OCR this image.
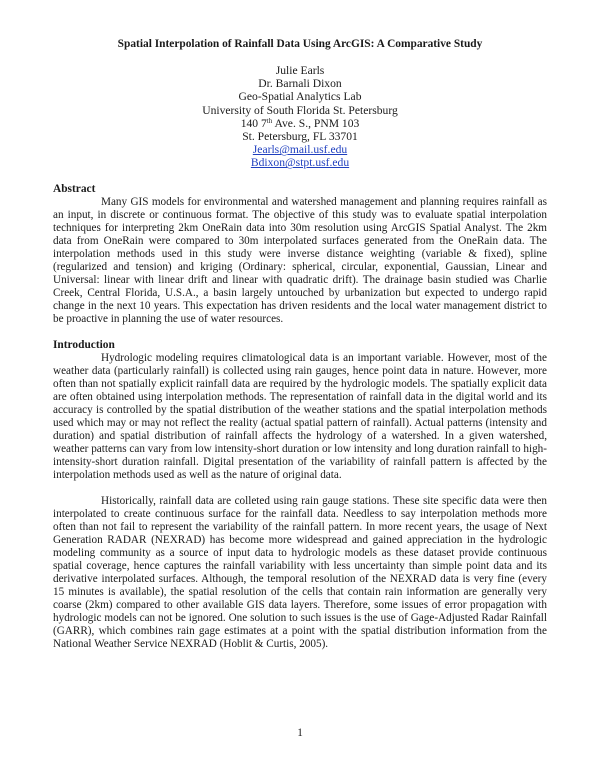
Spatial Interpolation of Rainfall Data Using ArcGIS: A Comparative Study
Julie Earls
Dr. Barnali Dixon
Geo-Spatial Analytics Lab
University of South Florida St. Petersburg
140 7th Ave. S., PNM 103
St. Petersburg, FL 33701
Jearls@mail.usf.edu
Bdixon@stpt.usf.edu
Abstract

Many GIS models for environmental and watershed management and planning requires rainfall as an input, in discrete or continuous format. The objective of this study was to evaluate spatial interpolation techniques for interpreting 2km OneRain data into 30m resolution using ArcGIS Spatial Analyst. The 2km data from OneRain were compared to 30m interpolated surfaces generated from the OneRain data. The interpolation methods used in this study were inverse distance weighting (variable & fixed), spline (regularized and tension) and kriging (Ordinary: spherical, circular, exponential, Gaussian, Linear and Universal: linear with linear drift and linear with quadratic drift). The drainage basin studied was Charlie Creek, Central Florida, U.S.A., a basin largely untouched by urbanization but expected to undergo rapid change in the next 10 years. This expectation has driven residents and the local water management district to be proactive in planning the use of water resources.

Introduction

Hydrologic modeling requires climatological data is an important variable. However, most of the weather data (particularly rainfall) is collected using rain gauges, hence point data in nature. However, more often than not spatially explicit rainfall data are required by the hydrologic models. The spatially explicit data are often obtained using interpolation methods. The representation of rainfall data in the digital world and its accuracy is controlled by the spatial distribution of the weather stations and the spatial interpolation methods used which may or may not reflect the reality (actual spatial pattern of rainfall). Actual patterns (intensity and duration) and spatial distribution of rainfall affects the hydrology of a watershed. In a given watershed, weather patterns can vary from low intensity-short duration or low intensity and long duration rainfall to high-intensity-short duration rainfall. Digital presentation of the variability of rainfall pattern is affected by the interpolation methods used as well as the nature of original data.

Historically, rainfall data are colleted using rain gauge stations. These site specific data were then interpolated to create continuous surface for the rainfall data. Needless to say interpolation methods more often than not fail to represent the variability of the rainfall pattern. In more recent years, the usage of Next Generation RADAR (NEXRAD) has become more widespread and gained appreciation in the hydrologic modeling community as a source of input data to hydrologic models as these dataset provide continuous spatial coverage, hence captures the rainfall variability with less uncertainty than simple point data and its derivative interpolated surfaces. Although, the temporal resolution of the NEXRAD data is very fine (every 15 minutes is available), the spatial resolution of the cells that contain rain information are generally very coarse (2km) compared to other available GIS data layers. Therefore, some issues of error propagation with hydrologic models can not be ignored. One solution to such issues is the use of Gage-Adjusted Radar Rainfall (GARR), which combines rain gage estimates at a point with the spatial distribution information from the National Weather Service NEXRAD (Hoblit & Curtis, 2005).

1
